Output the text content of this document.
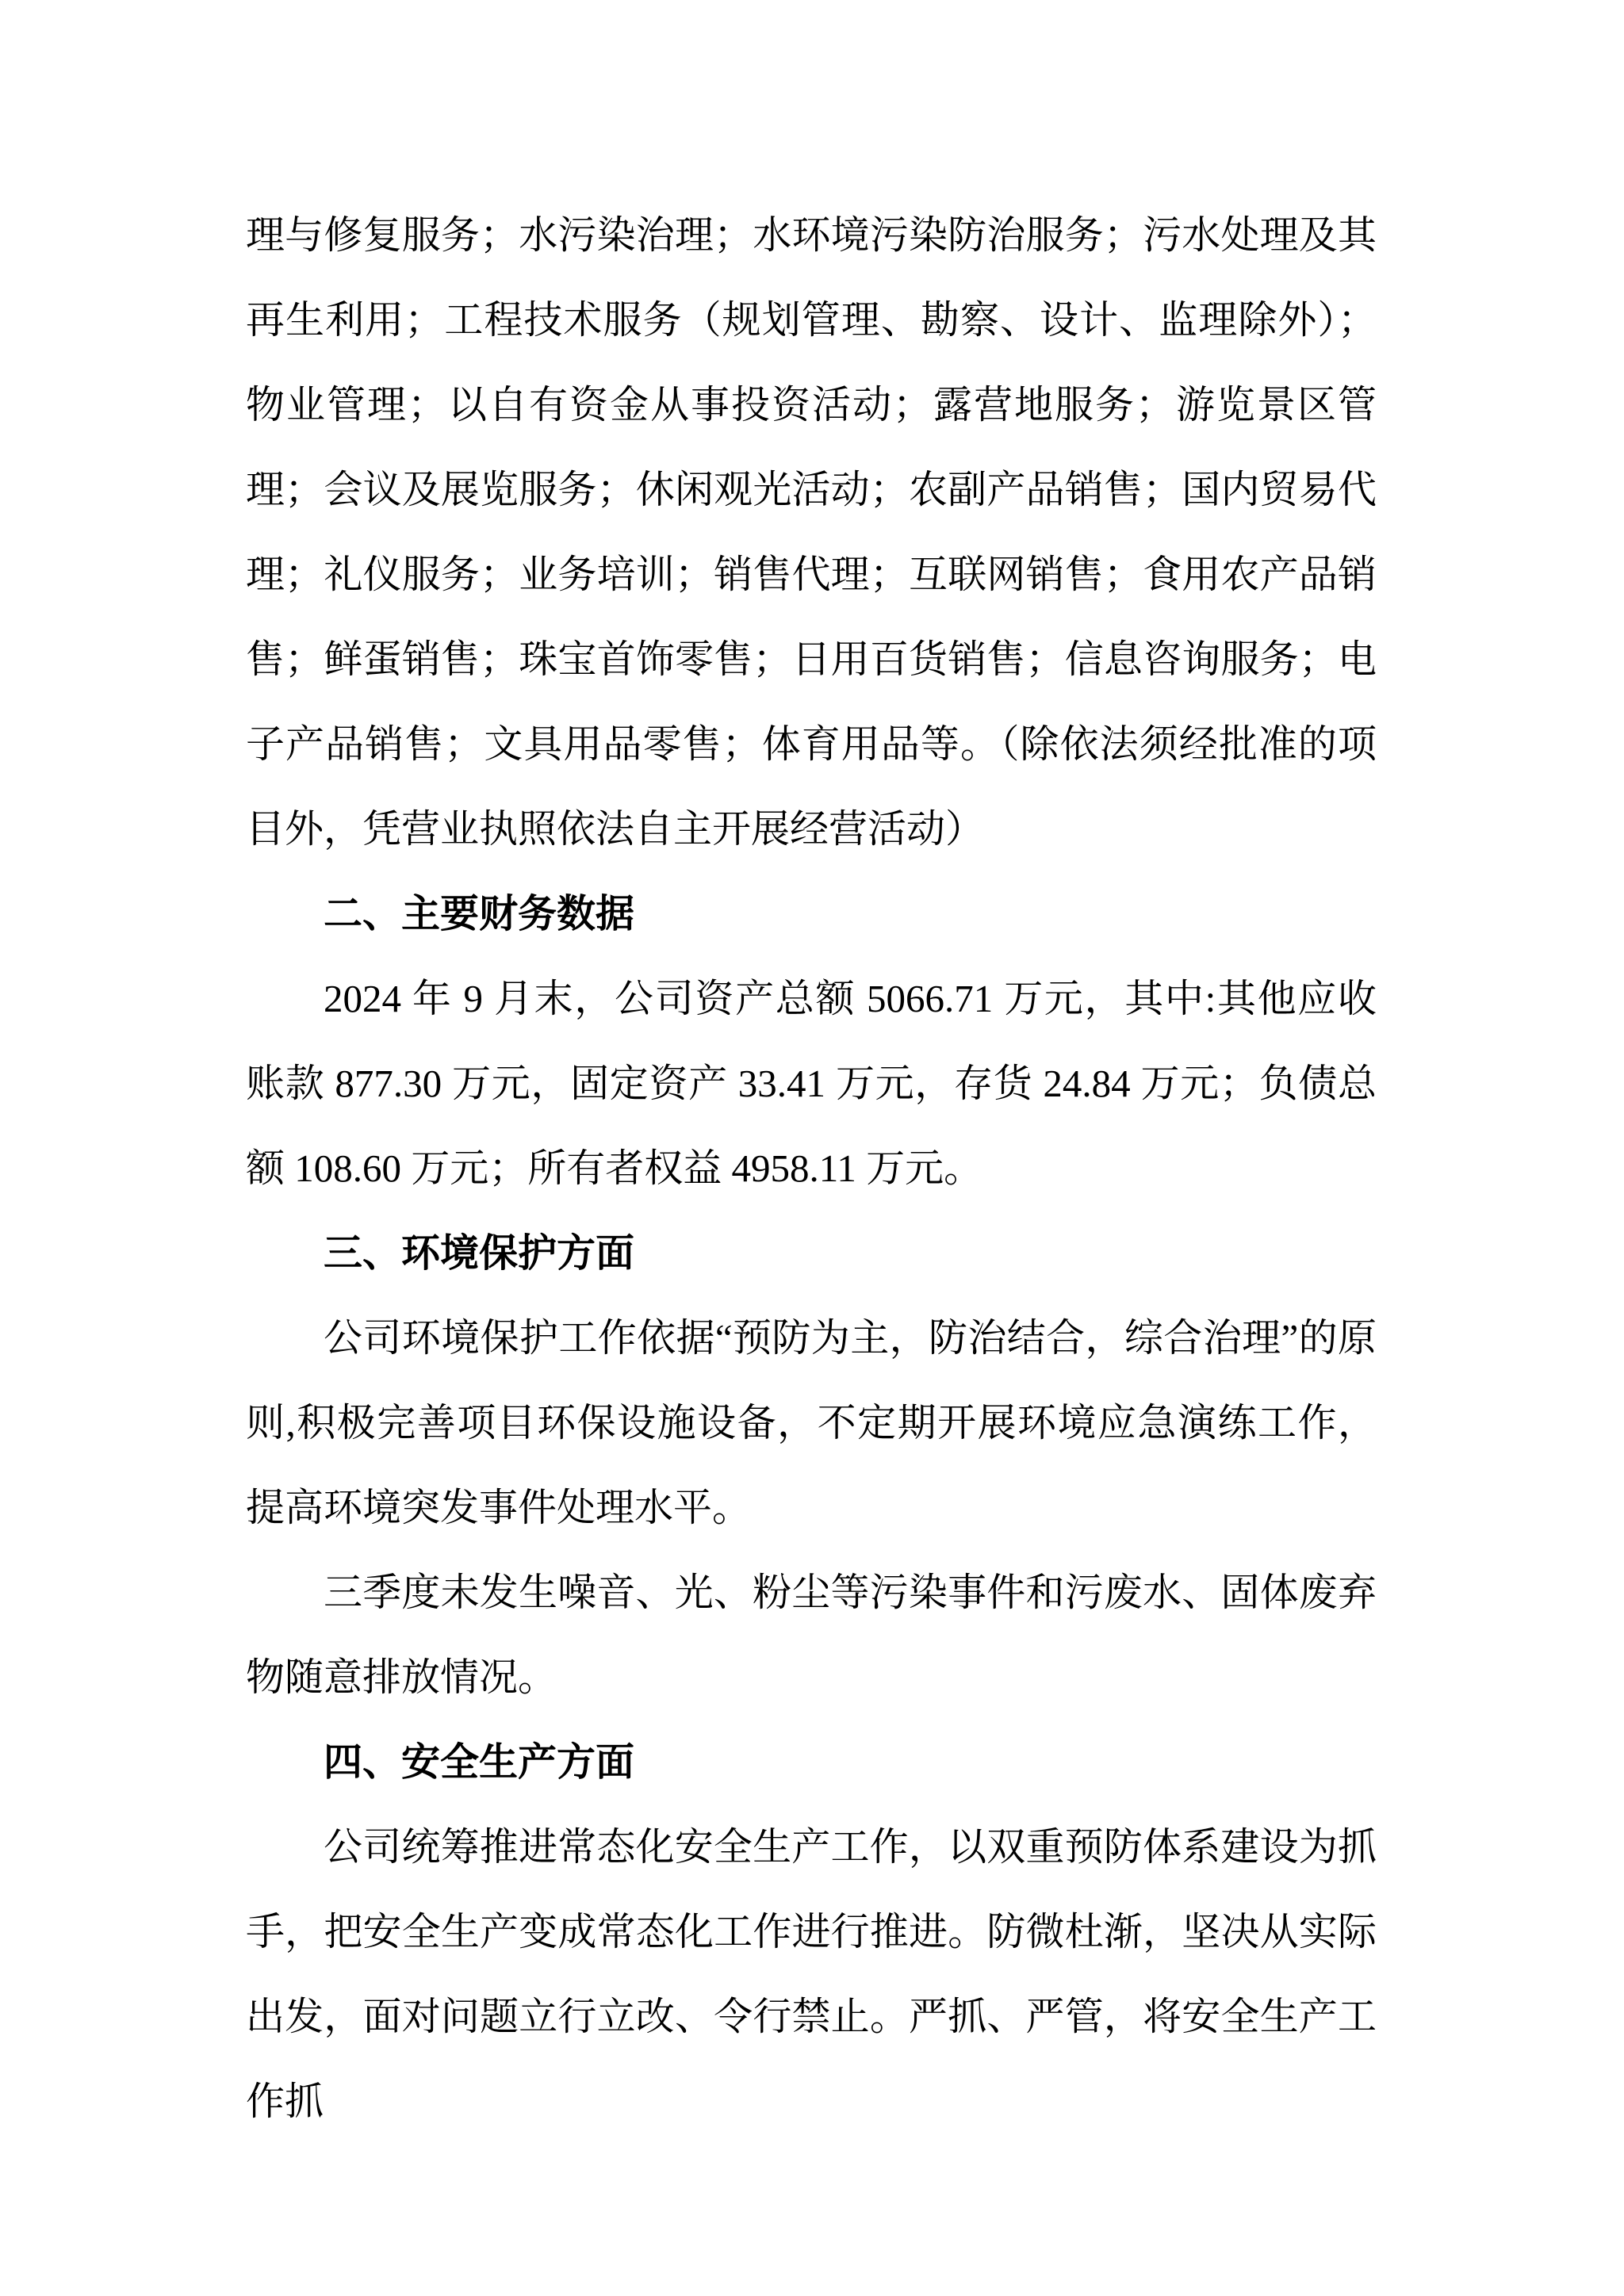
理与修复服务；水污染治理；水环境污染防治服务；污水处理及其再生利用；工程技术服务（规划管理、勘察、设计、监理除外）；物业管理；以自有资金从事投资活动；露营地服务；游览景区管理；会议及展览服务；休闲观光活动；农副产品销售；国内贸易代理；礼仪服务；业务培训；销售代理；互联网销售；食用农产品销售；鲜蛋销售；珠宝首饰零售；日用百货销售；信息咨询服务；电子产品销售；文具用品零售；体育用品等。（除依法须经批准的项目外，凭营业执照依法自主开展经营活动）

二、主要财务数据

2024 年 9 月末，公司资产总额 5066.71 万元，其中:其他应收账款 877.30 万元，固定资产 33.41 万元，存货 24.84 万元；负债总额 108.60 万元；所有者权益 4958.11 万元。

三、环境保护方面

公司环境保护工作依据“预防为主，防治结合，综合治理”的原则,积极完善项目环保设施设备，不定期开展环境应急演练工作，提高环境突发事件处理水平。

三季度未发生噪音、光、粉尘等污染事件和污废水、固体废弃物随意排放情况。

四、安全生产方面

公司统筹推进常态化安全生产工作，以双重预防体系建设为抓手，把安全生产变成常态化工作进行推进。防微杜渐，坚决从实际出发，面对问题立行立改、令行禁止。严抓、严管，将安全生产工作抓
